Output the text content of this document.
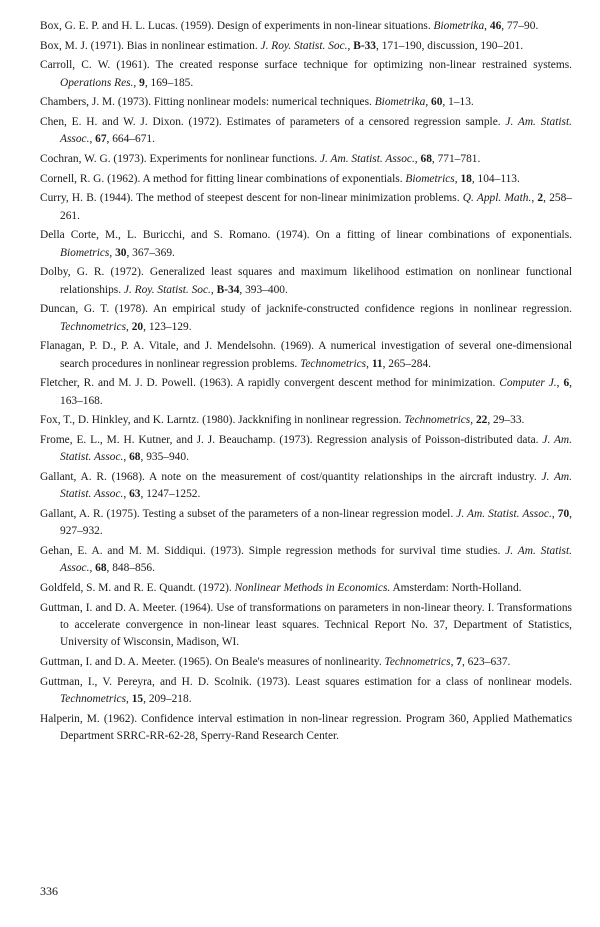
Box, G. E. P. and H. L. Lucas. (1959). Design of experiments in non-linear situations. Biometrika, 46, 77–90.

Box, M. J. (1971). Bias in nonlinear estimation. J. Roy. Statist. Soc., B-33, 171–190, discussion, 190–201.

Carroll, C. W. (1961). The created response surface technique for optimizing non-linear restrained systems. Operations Res., 9, 169–185.

Chambers, J. M. (1973). Fitting nonlinear models: numerical techniques. Biometrika, 60, 1–13.

Chen, E. H. and W. J. Dixon. (1972). Estimates of parameters of a censored regression sample. J. Am. Statist. Assoc., 67, 664–671.

Cochran, W. G. (1973). Experiments for nonlinear functions. J. Am. Statist. Assoc., 68, 771–781.

Cornell, R. G. (1962). A method for fitting linear combinations of exponentials. Biometrics, 18, 104–113.

Curry, H. B. (1944). The method of steepest descent for non-linear minimization problems. Q. Appl. Math., 2, 258–261.

Della Corte, M., L. Buricchi, and S. Romano. (1974). On a fitting of linear combinations of exponentials. Biometrics, 30, 367–369.

Dolby, G. R. (1972). Generalized least squares and maximum likelihood estimation on nonlinear functional relationships. J. Roy. Statist. Soc., B-34, 393–400.

Duncan, G. T. (1978). An empirical study of jacknife-constructed confidence regions in nonlinear regression. Technometrics, 20, 123–129.

Flanagan, P. D., P. A. Vitale, and J. Mendelsohn. (1969). A numerical investigation of several one-dimensional search procedures in nonlinear regression problems. Technometrics, 11, 265–284.

Fletcher, R. and M. J. D. Powell. (1963). A rapidly convergent descent method for minimization. Computer J., 6, 163–168.

Fox, T., D. Hinkley, and K. Larntz. (1980). Jackknifing in nonlinear regression. Technometrics, 22, 29–33.

Frome, E. L., M. H. Kutner, and J. J. Beauchamp. (1973). Regression analysis of Poisson-distributed data. J. Am. Statist. Assoc., 68, 935–940.

Gallant, A. R. (1968). A note on the measurement of cost/quantity relationships in the aircraft industry. J. Am. Statist. Assoc., 63, 1247–1252.

Gallant, A. R. (1975). Testing a subset of the parameters of a non-linear regression model. J. Am. Statist. Assoc., 70, 927–932.

Gehan, E. A. and M. M. Siddiqui. (1973). Simple regression methods for survival time studies. J. Am. Statist. Assoc., 68, 848–856.

Goldfeld, S. M. and R. E. Quandt. (1972). Nonlinear Methods in Economics. Amsterdam: North-Holland.

Guttman, I. and D. A. Meeter. (1964). Use of transformations on parameters in non-linear theory. I. Transformations to accelerate convergence in non-linear least squares. Technical Report No. 37, Department of Statistics, University of Wisconsin, Madison, WI.

Guttman, I. and D. A. Meeter. (1965). On Beale's measures of nonlinearity. Technometrics, 7, 623–637.

Guttman, I., V. Pereyra, and H. D. Scolnik. (1973). Least squares estimation for a class of nonlinear models. Technometrics, 15, 209–218.

Halperin, M. (1962). Confidence interval estimation in non-linear regression. Program 360, Applied Mathematics Department SRRC-RR-62-28, Sperry-Rand Research Center.

336
